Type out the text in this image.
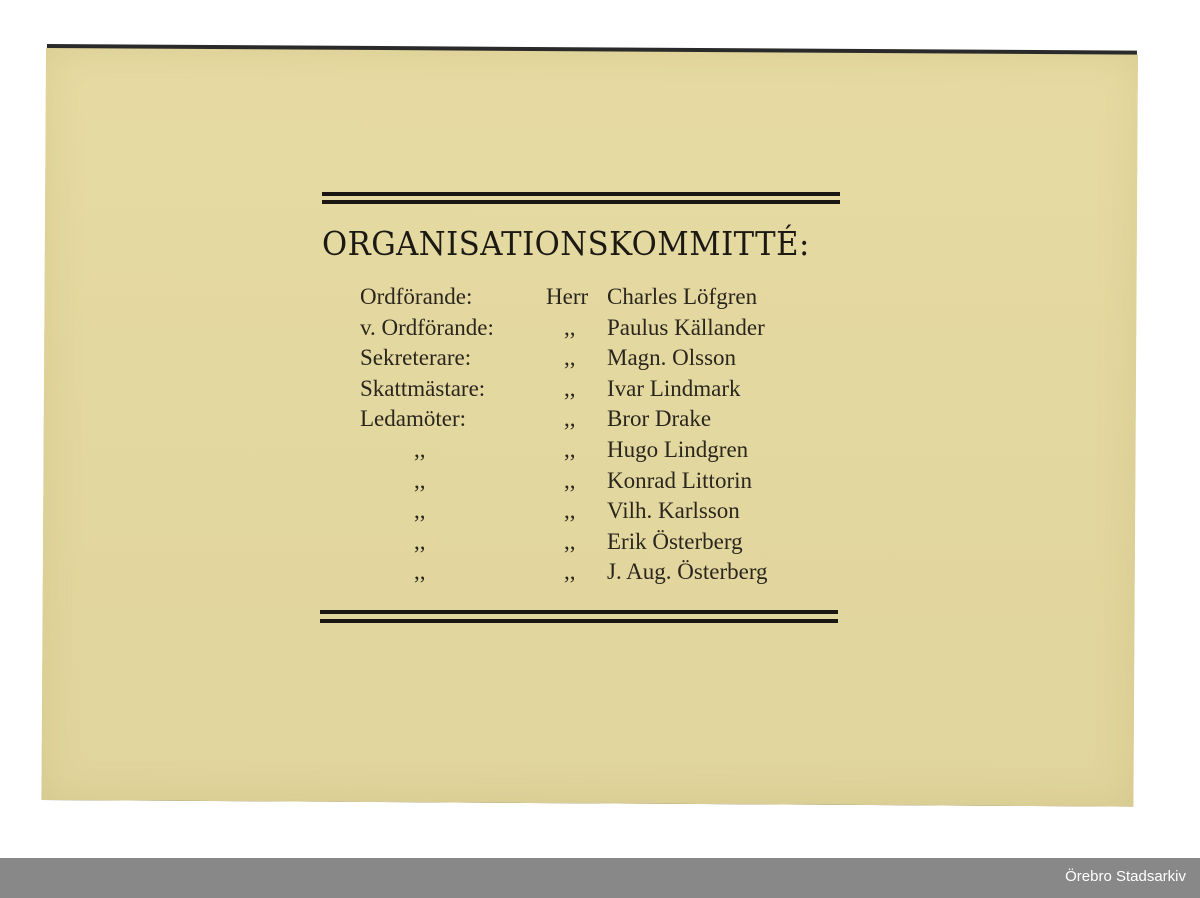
ORGANISATIONSKOMMITTÉ:
Ordförande:	Herr Charles Löfgren
v. Ordförande:	,, Paulus Källander
Sekreterare:	,, Magn. Olsson
Skattmästare:	,, Ivar Lindmark
Ledamöter:	,, Bror Drake
,,	,, Hugo Lindgren
,,	,, Konrad Littorin
,,	,, Vilh. Karlsson
,,	,, Erik Österberg
,,	,, J. Aug. Österberg
Örebro Stadsarkiv
